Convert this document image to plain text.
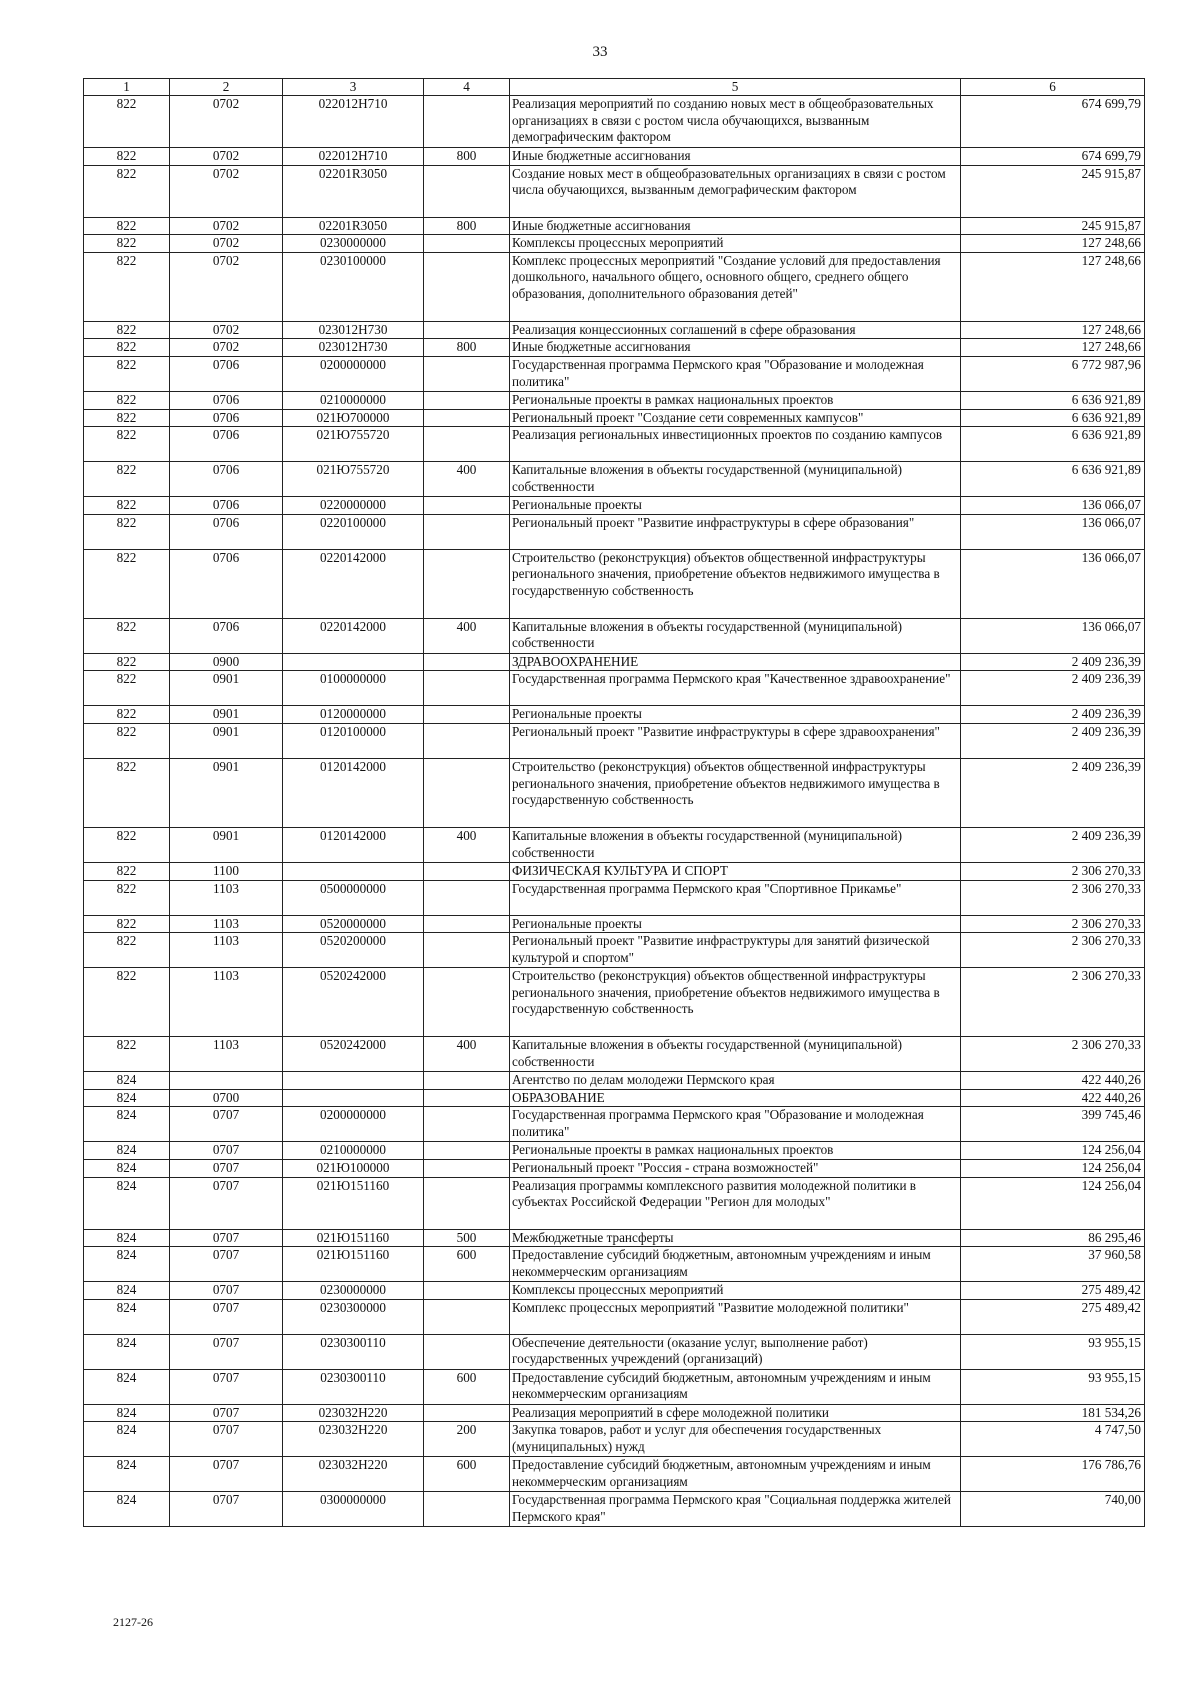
33
1	2	3	4	5	6
822	0702	022012Н710		Реализация мероприятий по созданию новых мест в общеобразовательных организациях в связи с ростом числа обучающихся, вызванным демографическим фактором	674 699,79
822	0702	022012Н710	800	Иные бюджетные ассигнования	674 699,79
822	0702	02201R3050		Создание новых мест в общеобразовательных организациях в связи с ростом числа обучающихся, вызванным демографическим фактором	245 915,87
822	0702	02201R3050	800	Иные бюджетные ассигнования	245 915,87
822	0702	0230000000		Комплексы процессных мероприятий	127 248,66
822	0702	0230100000		Комплекс процессных мероприятий "Создание условий для предоставления дошкольного, начального общего, основного общего, среднего общего образования, дополнительного образования детей"	127 248,66
822	0702	023012Н730		Реализация концессионных соглашений в сфере образования	127 248,66
822	0702	023012Н730	800	Иные бюджетные ассигнования	127 248,66
822	0706	0200000000		Государственная программа Пермского края "Образование и молодежная политика"	6 772 987,96
822	0706	0210000000		Региональные проекты в рамках национальных проектов	6 636 921,89
822	0706	021Ю700000		Региональный проект "Создание сети современных кампусов"	6 636 921,89
822	0706	021Ю755720		Реализация региональных инвестиционных проектов по созданию кампусов	6 636 921,89
822	0706	021Ю755720	400	Капитальные вложения в объекты государственной (муниципальной) собственности	6 636 921,89
822	0706	0220000000		Региональные проекты	136 066,07
822	0706	0220100000		Региональный проект "Развитие инфраструктуры в сфере образования"	136 066,07
822	0706	0220142000		Строительство (реконструкция) объектов общественной инфраструктуры регионального значения, приобретение объектов недвижимого имущества в государственную собственность	136 066,07
822	0706	0220142000	400	Капитальные вложения в объекты государственной (муниципальной) собственности	136 066,07
822	0900			ЗДРАВООХРАНЕНИЕ	2 409 236,39
822	0901	0100000000		Государственная программа Пермского края "Качественное здравоохранение"	2 409 236,39
822	0901	0120000000		Региональные проекты	2 409 236,39
822	0901	0120100000		Региональный проект "Развитие инфраструктуры в сфере здравоохранения"	2 409 236,39
822	0901	0120142000		Строительство (реконструкция) объектов общественной инфраструктуры регионального значения, приобретение объектов недвижимого имущества в государственную собственность	2 409 236,39
822	0901	0120142000	400	Капитальные вложения в объекты государственной (муниципальной) собственности	2 409 236,39
822	1100			ФИЗИЧЕСКАЯ КУЛЬТУРА И СПОРТ	2 306 270,33
822	1103	0500000000		Государственная программа Пермского края "Спортивное Прикамье"	2 306 270,33
822	1103	0520000000		Региональные проекты	2 306 270,33
822	1103	0520200000		Региональный проект "Развитие инфраструктуры для занятий физической культурой и спортом"	2 306 270,33
822	1103	0520242000		Строительство (реконструкция) объектов общественной инфраструктуры регионального значения, приобретение объектов недвижимого имущества в государственную собственность	2 306 270,33
822	1103	0520242000	400	Капитальные вложения в объекты государственной (муниципальной) собственности	2 306 270,33
824				Агентство по делам молодежи Пермского края	422 440,26
824	0700			ОБРАЗОВАНИЕ	422 440,26
824	0707	0200000000		Государственная программа Пермского края "Образование и молодежная политика"	399 745,46
824	0707	0210000000		Региональные проекты в рамках национальных проектов	124 256,04
824	0707	021Ю100000		Региональный проект "Россия - страна возможностей"	124 256,04
824	0707	021Ю151160		Реализация программы комплексного развития молодежной политики в субъектах Российской Федерации "Регион для молодых"	124 256,04
824	0707	021Ю151160	500	Межбюджетные трансферты	86 295,46
824	0707	021Ю151160	600	Предоставление субсидий бюджетным, автономным учреждениям и иным некоммерческим организациям	37 960,58
824	0707	0230000000		Комплексы процессных мероприятий	275 489,42
824	0707	0230300000		Комплекс процессных мероприятий "Развитие молодежной политики"	275 489,42
824	0707	0230300110		Обеспечение деятельности (оказание услуг, выполнение работ) государственных учреждений (организаций)	93 955,15
824	0707	0230300110	600	Предоставление субсидий бюджетным, автономным учреждениям и иным некоммерческим организациям	93 955,15
824	0707	023032Н220		Реализация мероприятий в сфере молодежной политики	181 534,26
824	0707	023032Н220	200	Закупка товаров, работ и услуг для обеспечения государственных (муниципальных) нужд	4 747,50
824	0707	023032Н220	600	Предоставление субсидий бюджетным, автономным учреждениям и иным некоммерческим организациям	176 786,76
824	0707	0300000000		Государственная программа Пермского края "Социальная поддержка жителей Пермского края"	740,00
2127-26
